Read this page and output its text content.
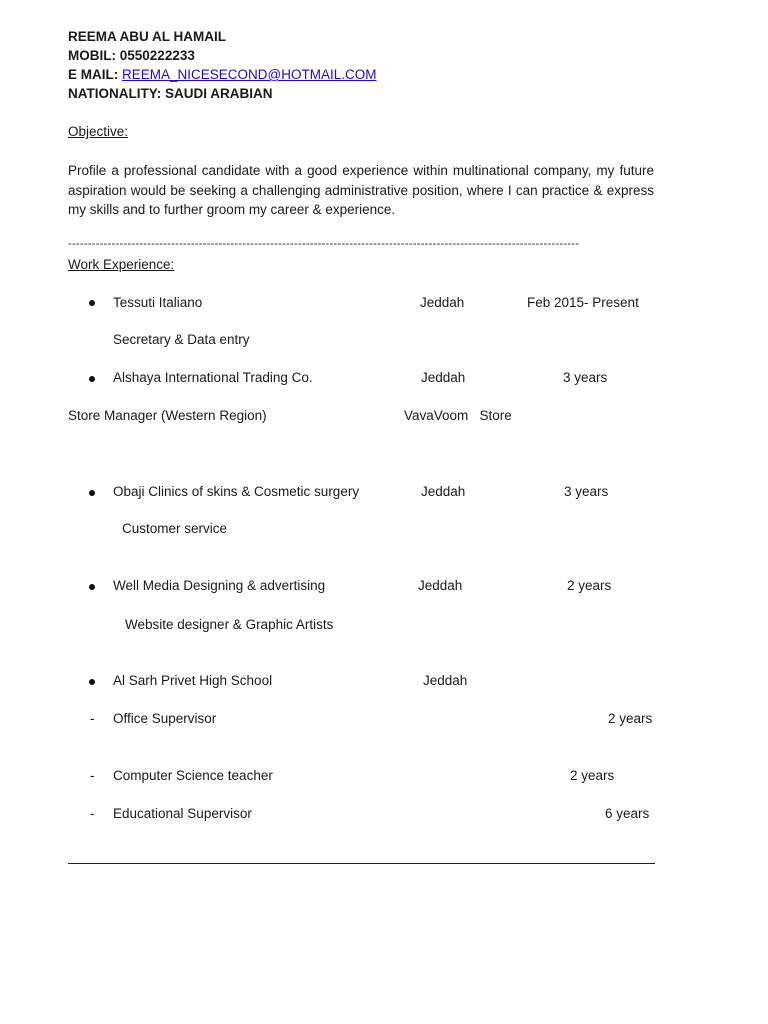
REEMA ABU AL HAMAIL
MOBIL: 0550222233
E MAIL: REEMA_NICESECOND@HOTMAIL.COM
NATIONALITY: SAUDI ARABIAN
Objective:
Profile a professional candidate with a good experience within multinational company, my future aspiration would be seeking a challenging administrative position, where I can practice & express my skills and to further groom my career & experience.
---------------------------------------------------------------------------------------------------------------------------------
Work Experience:
Tessuti Italiano	Jeddah	Feb 2015- Present
Secretary & Data entry
Alshaya International Trading Co.	Jeddah	3 years
Store Manager (Western Region)	VavaVoom   Store
Obaji Clinics of skins & Cosmetic surgery	Jeddah	3 years
Customer service
Well Media Designing & advertising	Jeddah	2 years
Website designer & Graphic Artists
Al Sarh Privet High School	Jeddah
- Office Supervisor	2 years
- Computer Science teacher	2 years
- Educational Supervisor	6 years
